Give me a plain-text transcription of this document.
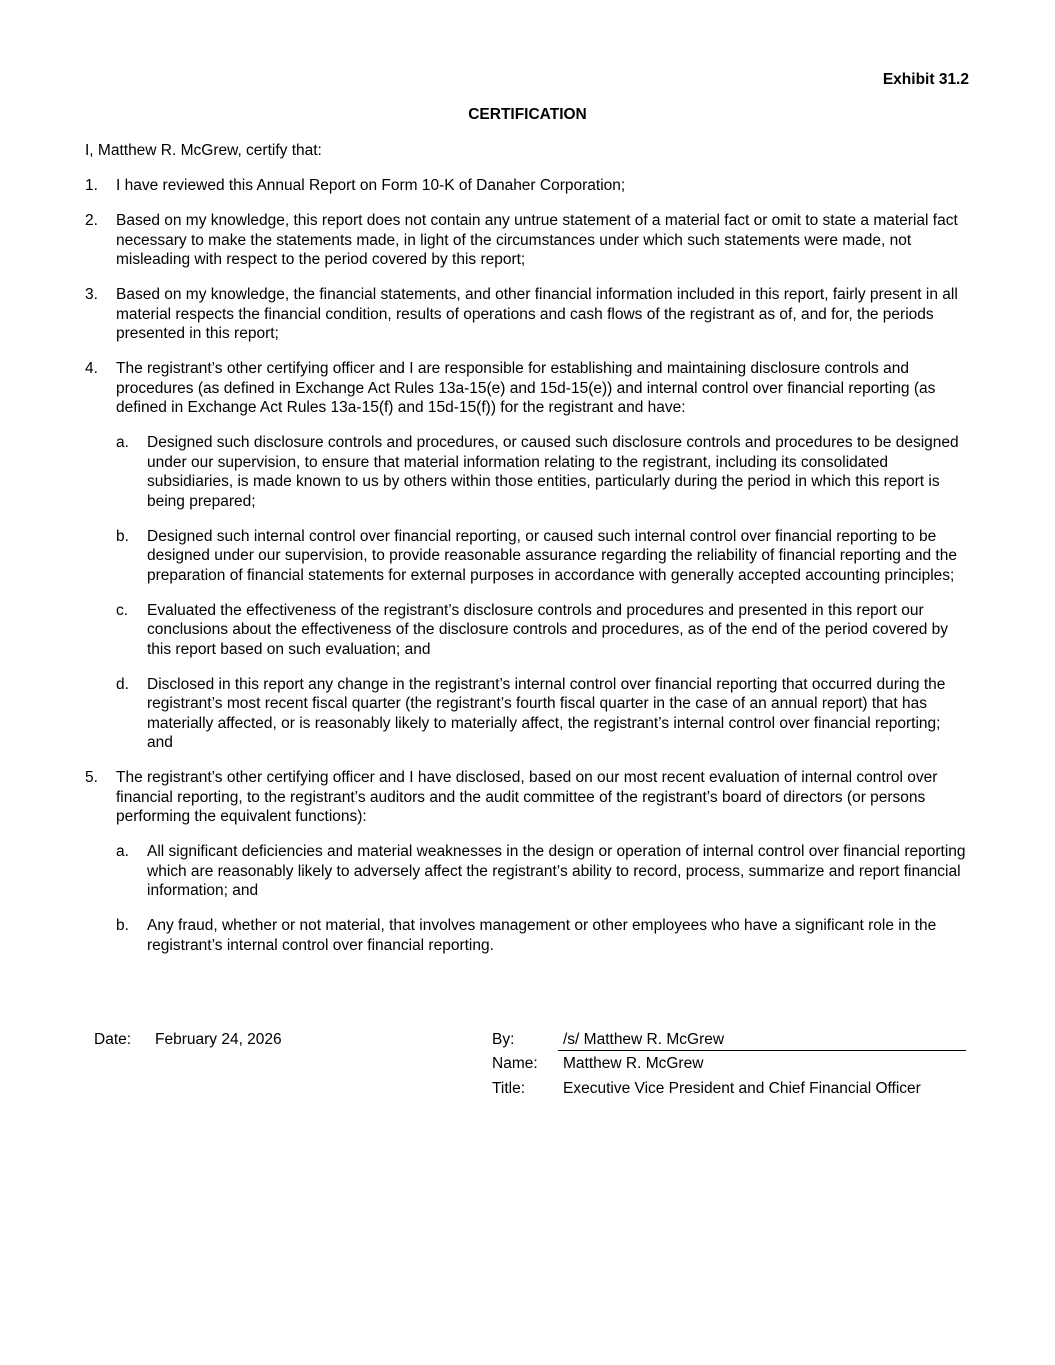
Exhibit 31.2
CERTIFICATION

I, Matthew R. McGrew, certify that:

1. I have reviewed this Annual Report on Form 10-K of Danaher Corporation;
2. Based on my knowledge, this report does not contain any untrue statement of a material fact or omit to state a material fact necessary to make the statements made, in light of the circumstances under which such statements were made, not misleading with respect to the period covered by this report;
3. Based on my knowledge, the financial statements, and other financial information included in this report, fairly present in all material respects the financial condition, results of operations and cash flows of the registrant as of, and for, the periods presented in this report;
4. The registrant’s other certifying officer and I are responsible for establishing and maintaining disclosure controls and procedures (as defined in Exchange Act Rules 13a-15(e) and 15d-15(e)) and internal control over financial reporting (as defined in Exchange Act Rules 13a-15(f) and 15d-15(f)) for the registrant and have:
a. Designed such disclosure controls and procedures, or caused such disclosure controls and procedures to be designed under our supervision, to ensure that material information relating to the registrant, including its consolidated subsidiaries, is made known to us by others within those entities, particularly during the period in which this report is being prepared;
b. Designed such internal control over financial reporting, or caused such internal control over financial reporting to be designed under our supervision, to provide reasonable assurance regarding the reliability of financial reporting and the preparation of financial statements for external purposes in accordance with generally accepted accounting principles;
c. Evaluated the effectiveness of the registrant’s disclosure controls and procedures and presented in this report our conclusions about the effectiveness of the disclosure controls and procedures, as of the end of the period covered by this report based on such evaluation; and
d. Disclosed in this report any change in the registrant’s internal control over financial reporting that occurred during the registrant’s most recent fiscal quarter (the registrant’s fourth fiscal quarter in the case of an annual report) that has materially affected, or is reasonably likely to materially affect, the registrant’s internal control over financial reporting; and
5. The registrant’s other certifying officer and I have disclosed, based on our most recent evaluation of internal control over financial reporting, to the registrant’s auditors and the audit committee of the registrant’s board of directors (or persons performing the equivalent functions):
a. All significant deficiencies and material weaknesses in the design or operation of internal control over financial reporting which are reasonably likely to adversely affect the registrant’s ability to record, process, summarize and report financial information; and
b. Any fraud, whether or not material, that involves management or other employees who have a significant role in the registrant’s internal control over financial reporting.
Date: February 24, 2026	By:	/s/ Matthew R. McGrew
Name: Matthew R. McGrew
Title: Executive Vice President and Chief Financial Officer
